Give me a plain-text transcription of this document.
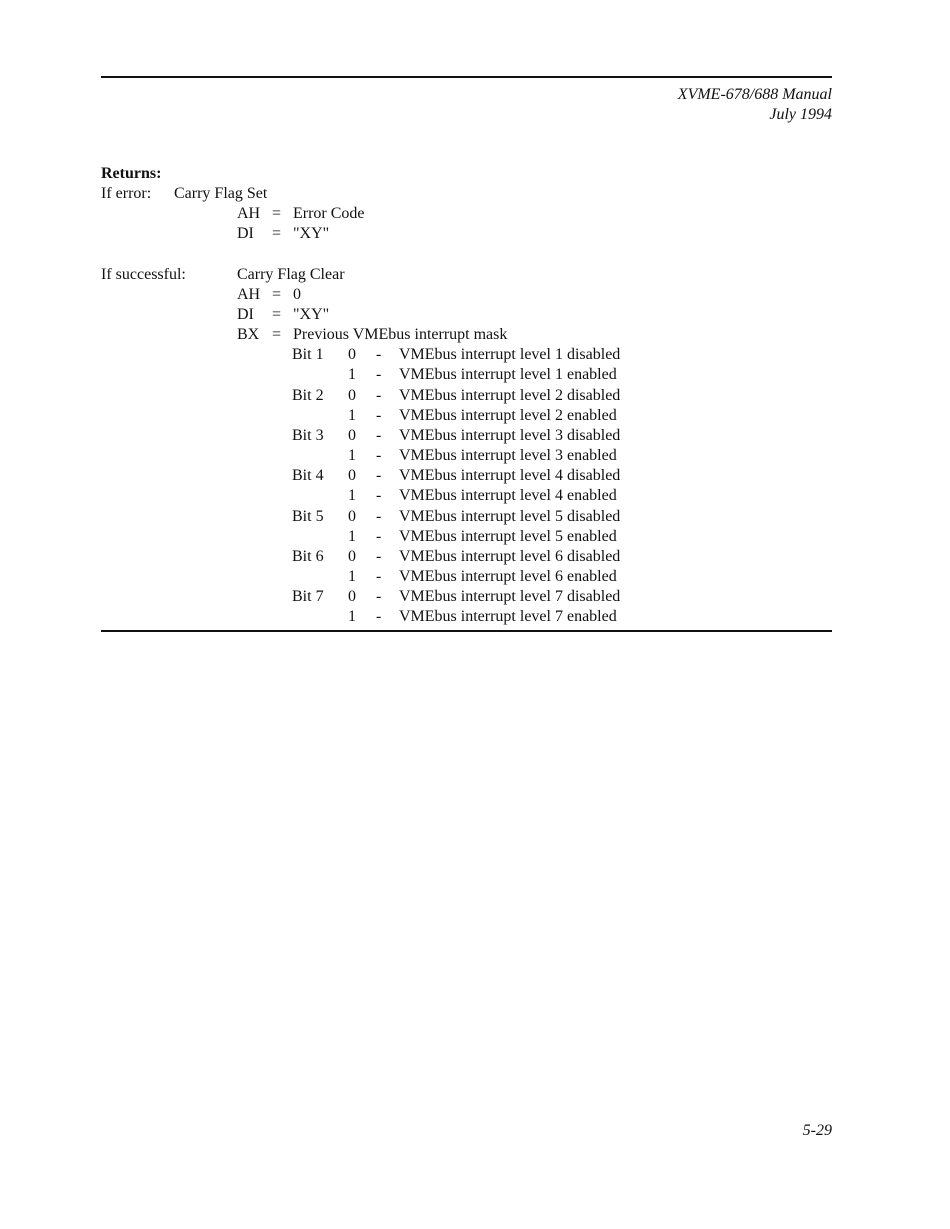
XVME-678/688 Manual
July 1994
Returns:
If error: Carry Flag Set
AH = Error Code
DI = "XY"
If successful:	Carry Flag Clear
AH = 0
DI = "XY"
BX = Previous VMEbus interrupt mask
Bit 1 0 - VMEbus interrupt level 1 disabled
1 - VMEbus interrupt level 1 enabled
Bit 2 0 - VMEbus interrupt level 2 disabled
1 - VMEbus interrupt level 2 enabled
Bit 3 0 - VMEbus interrupt level 3 disabled
1 - VMEbus interrupt level 3 enabled
Bit 4 0 - VMEbus interrupt level 4 disabled
1 - VMEbus interrupt level 4 enabled
Bit 5 0 - VMEbus interrupt level 5 disabled
1 - VMEbus interrupt level 5 enabled
Bit 6 0 - VMEbus interrupt level 6 disabled
1 - VMEbus interrupt level 6 enabled
Bit 7 0 - VMEbus interrupt level 7 disabled
1 - VMEbus interrupt level 7 enabled
5-29
